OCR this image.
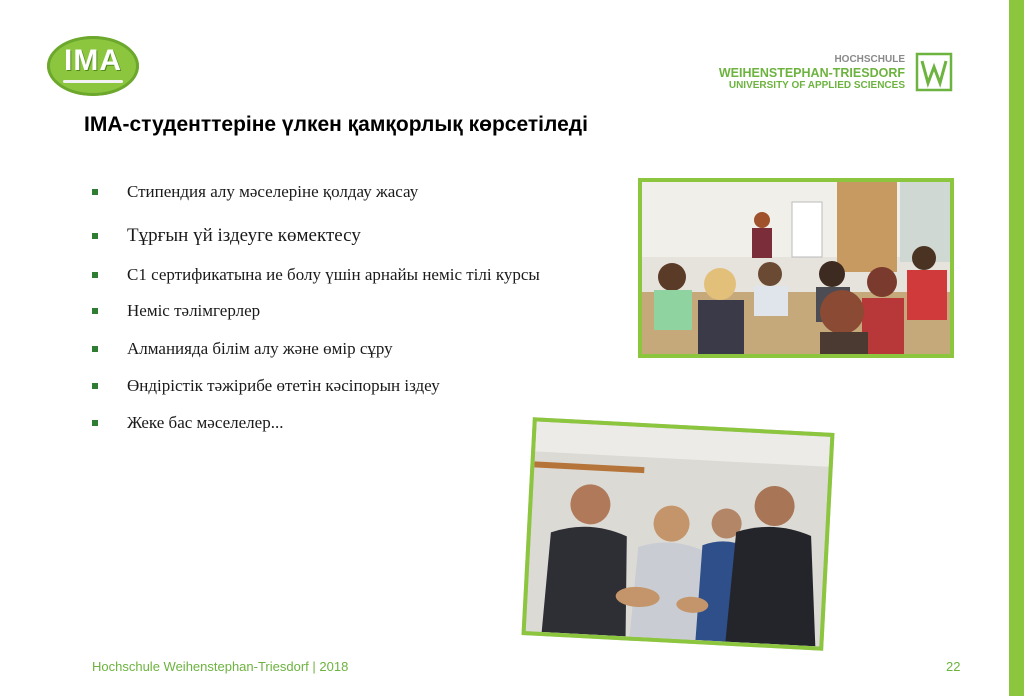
IMA	HOCHSCHULE
WEIHENSTEPHAN-TRIESDORF
UNIVERSITY OF APPLIED SCIENCES
IMA-студенттеріне үлкен қамқорлық көрсетіледі
Стипендия алу мәселеріне қолдау жасау
Тұрғын үй іздеуге көмектесу
С1 сертификатына ие болу үшін арнайы неміс тілі курсы
Неміс тәлімгерлер
Алманияда білім алу және өмір сұру
Өндірістік тәжірибе өтетін кәсіпорын іздеу
Жеке бас мәселелер...
Hochschule Weihenstephan-Triesdorf | 2018	22
